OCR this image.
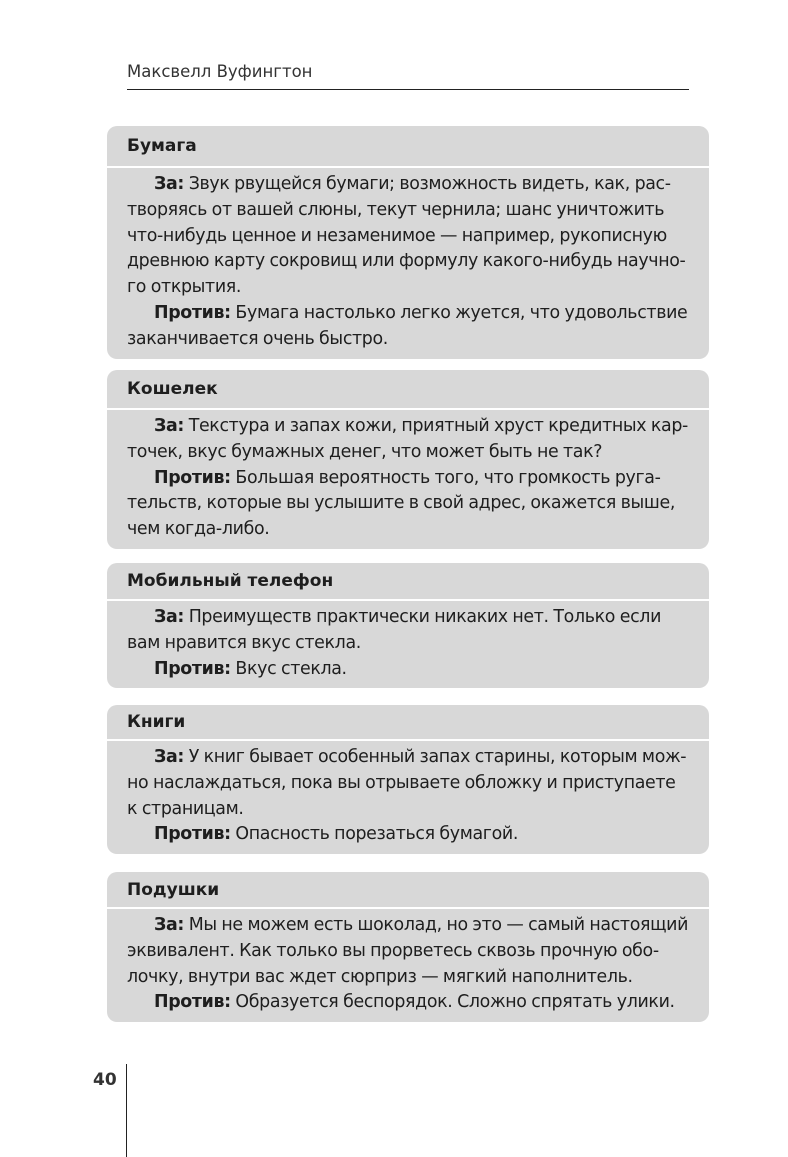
Максвелл Вуфингтон
Бумага
За: Звук рвущейся бумаги; возможность видеть, как, рас-
творяясь от вашей слюны, текут чернила; шанс уничтожить
что-нибудь ценное и незаменимое — например, рукописную
древнюю карту сокровищ или формулу какого-нибудь научно-
го открытия.
Против: Бумага настолько легко жуется, что удовольствие
заканчивается очень быстро.
Кошелек
За: Текстура и запах кожи, приятный хруст кредитных кар-
точек, вкус бумажных денег, что может быть не так?
Против: Большая вероятность того, что громкость руга-
тельств, которые вы услышите в свой адрес, окажется выше,
чем когда-либо.
Мобильный телефон
За: Преимуществ практически никаких нет. Только если
вам нравится вкус стекла.
Против: Вкус стекла.
Книги
За: У книг бывает особенный запах старины, которым мож-
но наслаждаться, пока вы отрываете обложку и приступаете
к страницам.
Против: Опасность порезаться бумагой.
Подушки
За: Мы не можем есть шоколад, но это — самый настоящий
эквивалент. Как только вы прорветесь сквозь прочную обо-
лочку, внутри вас ждет сюрприз — мягкий наполнитель.
Против: Образуется беспорядок. Сложно спрятать улики.
40
